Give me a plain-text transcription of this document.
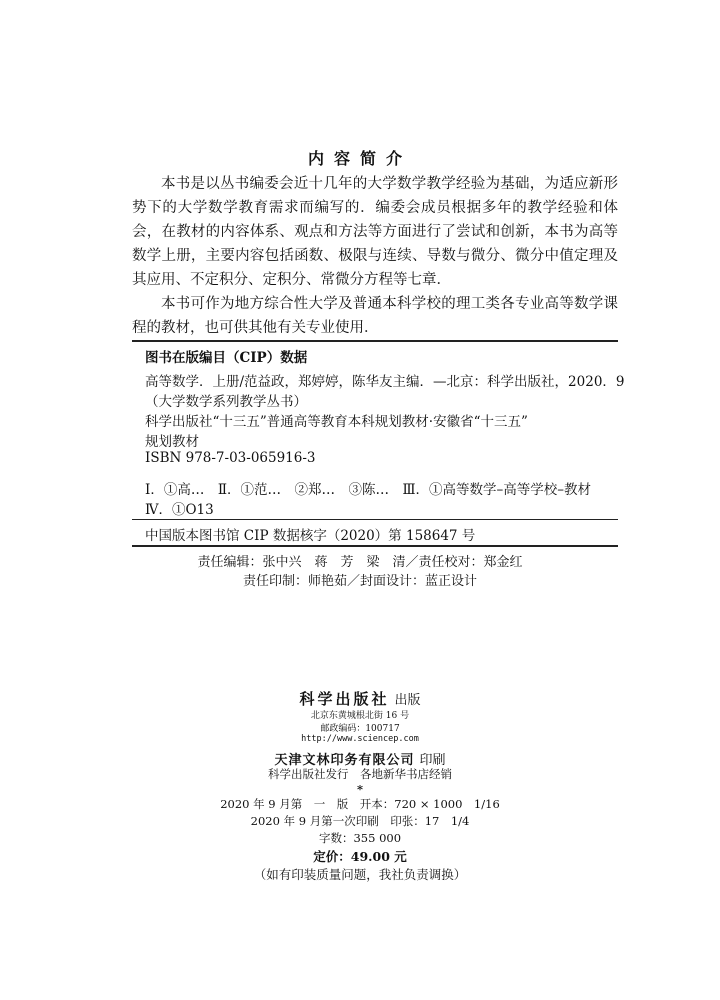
内容简介

本书是以丛书编委会近十几年的大学数学教学经验为基础，为适应新形势下的大学数学教育需求而编写的．编委会成员根据多年的教学经验和体会，在教材的内容体系、观点和方法等方面进行了尝试和创新，本书为高等数学上册，主要内容包括函数、极限与连续、导数与微分、微分中值定理及其应用、不定积分、定积分、常微分方程等七章．

本书可作为地方综合性大学及普通本科学校的理工类各专业高等数学课程的教材，也可供其他有关专业使用．

图书在版编目（CIP）数据
高等数学．上册/范益政，郑婷婷，陈华友主编．—北京：科学出版社，2020．9
（大学数学系列教学丛书）
科学出版社“十三五”普通高等教育本科规划教材·安徽省“十三五”
规划教材
ISBN 978-7-03-065916-3
Ⅰ．①高…　Ⅱ．①范…　②郑…　③陈…　Ⅲ．①高等数学–高等学校–教材
Ⅳ．①O13
中国版本图书馆 CIP 数据核字（2020）第 158647 号
责任编辑：张中兴　蒋　芳　梁　清／责任校对：郑金红
责任印制：师艳茹／封面设计：蓝正设计
科学出版社 出版
北京东黄城根北街 16 号
邮政编码：100717
http://www.sciencep.com
天津文林印务有限公司 印刷
科学出版社发行　各地新华书店经销
*
2020 年 9 月第　一　版　开本：720 × 1000　1/16
2020 年 9 月第一次印刷　印张：17　1/4
字数：355 000
定价：49.00 元
（如有印装质量问题，我社负责调换）
